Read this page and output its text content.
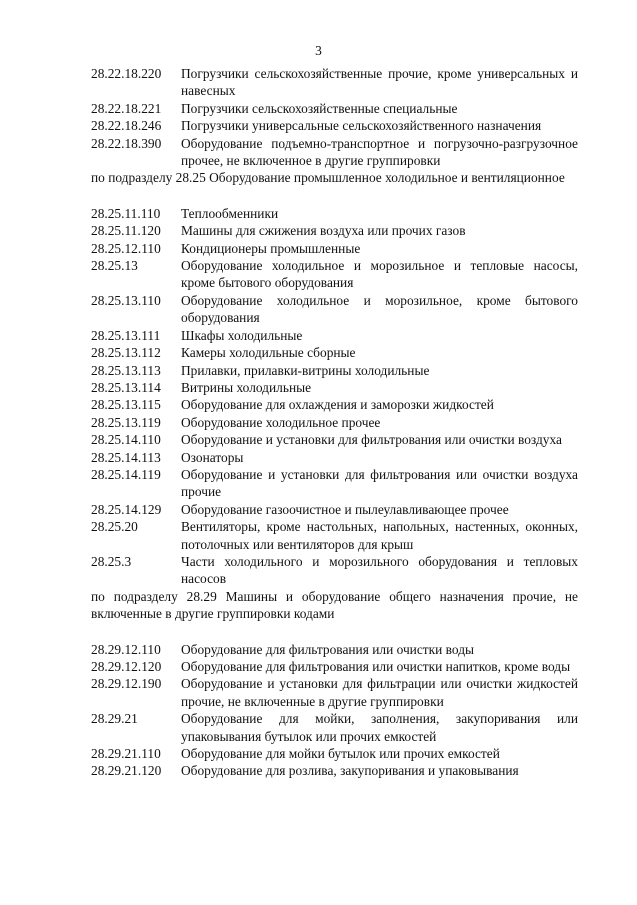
3
28.22.18.220	Погрузчики сельскохозяйственные прочие, кроме универсальных и навесных
28.22.18.221	Погрузчики сельскохозяйственные специальные
28.22.18.246	Погрузчики универсальные сельскохозяйственного назначения
28.22.18.390	Оборудование подъемно-транспортное и погрузочно-разгрузочное прочее, не включенное в другие группировки

по подразделу 28.25 Оборудование промышленное холодильное и вентиляционное

28.25.11.110	Теплообменники
28.25.11.120	Машины для сжижения воздуха или прочих газов
28.25.12.110	Кондиционеры промышленные
28.25.13	Оборудование холодильное и морозильное и тепловые насосы, кроме бытового оборудования
28.25.13.110	Оборудование холодильное и морозильное, кроме бытового оборудования
28.25.13.111	Шкафы холодильные
28.25.13.112	Камеры холодильные сборные
28.25.13.113	Прилавки, прилавки-витрины холодильные
28.25.13.114	Витрины холодильные
28.25.13.115	Оборудование для охлаждения и заморозки жидкостей
28.25.13.119	Оборудование холодильное прочее
28.25.14.110	Оборудование и установки для фильтрования или очистки воздуха
28.25.14.113	Озонаторы
28.25.14.119	Оборудование и установки для фильтрования или очистки воздуха прочие
28.25.14.129	Оборудование газоочистное и пылеулавливающее прочее
28.25.20	Вентиляторы, кроме настольных, напольных, настенных, оконных, потолочных или вентиляторов для крыш
28.25.3	Части холодильного и морозильного оборудования и тепловых насосов

по подразделу 28.29 Машины и оборудование общего назначения прочие, не включенные в другие группировки кодами

28.29.12.110	Оборудование для фильтрования или очистки воды
28.29.12.120	Оборудование для фильтрования или очистки напитков, кроме воды
28.29.12.190	Оборудование и установки для фильтрации или очистки жидкостей прочие, не включенные в другие группировки
28.29.21	Оборудование для мойки, заполнения, закупоривания или упаковывания бутылок или прочих емкостей
28.29.21.110	Оборудование для мойки бутылок или прочих емкостей
28.29.21.120	Оборудование для розлива, закупоривания и упаковывания
